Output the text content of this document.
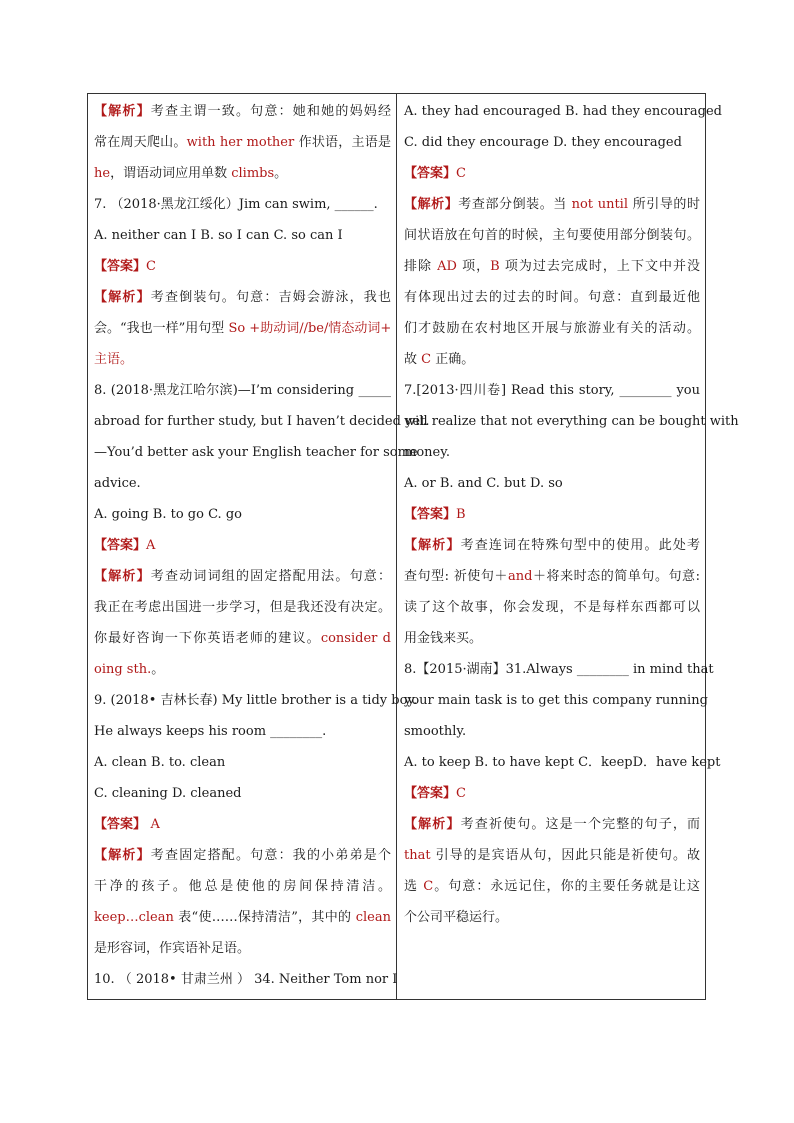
【解析】考查主谓一致。句意：她和她的妈妈经
常在周天爬山。with her mother 作状语，主语是
he，谓语动词应用单数 climbs。
7. （2018·黑龙江绥化）Jim can swim, ______.
A. neither can I B. so I can C. so can I
【答案】C
【解析】考查倒装句。句意：吉姆会游泳，我也
会。“我也一样”用句型 So +助动词//be/情态动词+
主语。
8. (2018·黑龙江哈尔滨)—I’m considering _____
abroad for further study, but I haven’t decided yet.
—You’d better ask your English teacher for some
advice.
A. going B. to go C. go
【答案】A
【解析】考查动词词组的固定搭配用法。句意：
我正在考虑出国进一步学习，但是我还没有决定。
你最好咨询一下你英语老师的建议。consider d
oing sth.。
9. (2018• 吉林长春) My little brother is a tidy boy.
He always keeps his room ________.
A. clean B. to. clean
C. cleaning D. cleaned
【答案】 A
【解析】考查固定搭配。句意：我的小弟弟是个
干净的孩子。他总是使他的房间保持清洁。
keep…clean 表“使……保持清洁”，其中的 clean
是形容词，作宾语补足语。
10. （ 2018• 甘肃兰州 ） 34. Neither Tom nor I
A. they had encouraged B. had they encouraged
C. did they encourage D. they encouraged
【答案】C
【解析】考查部分倒装。当 not until 所引导的时
间状语放在句首的时候，主句要使用部分倒装句。
排除 AD 项，B 项为过去完成时，上下文中并没
有体现出过去的过去的时间。句意：直到最近他
们才鼓励在农村地区开展与旅游业有关的活动。
故 C 正确。
7.[2013·四川卷] Read this story, ________ you
will realize that not everything can be bought with
money.
A. or B. and C. but D. so
【答案】B
【解析】考查连词在特殊句型中的使用。此处考
查句型: 祈使句＋and＋将来时态的简单句。句意:
读了这个故事，你会发现，不是每样东西都可以
用金钱来买。
8.【2015·湖南】31.Always ________ in mind that
your main task is to get this company running
smoothly.
A. to keep B. to have kept C．keepD．have kept
【答案】C
【解析】考查祈使句。这是一个完整的句子，而
that 引导的是宾语从句，因此只能是祈使句。故
选 C。句意：永远记住，你的主要任务就是让这
个公司平稳运行。
